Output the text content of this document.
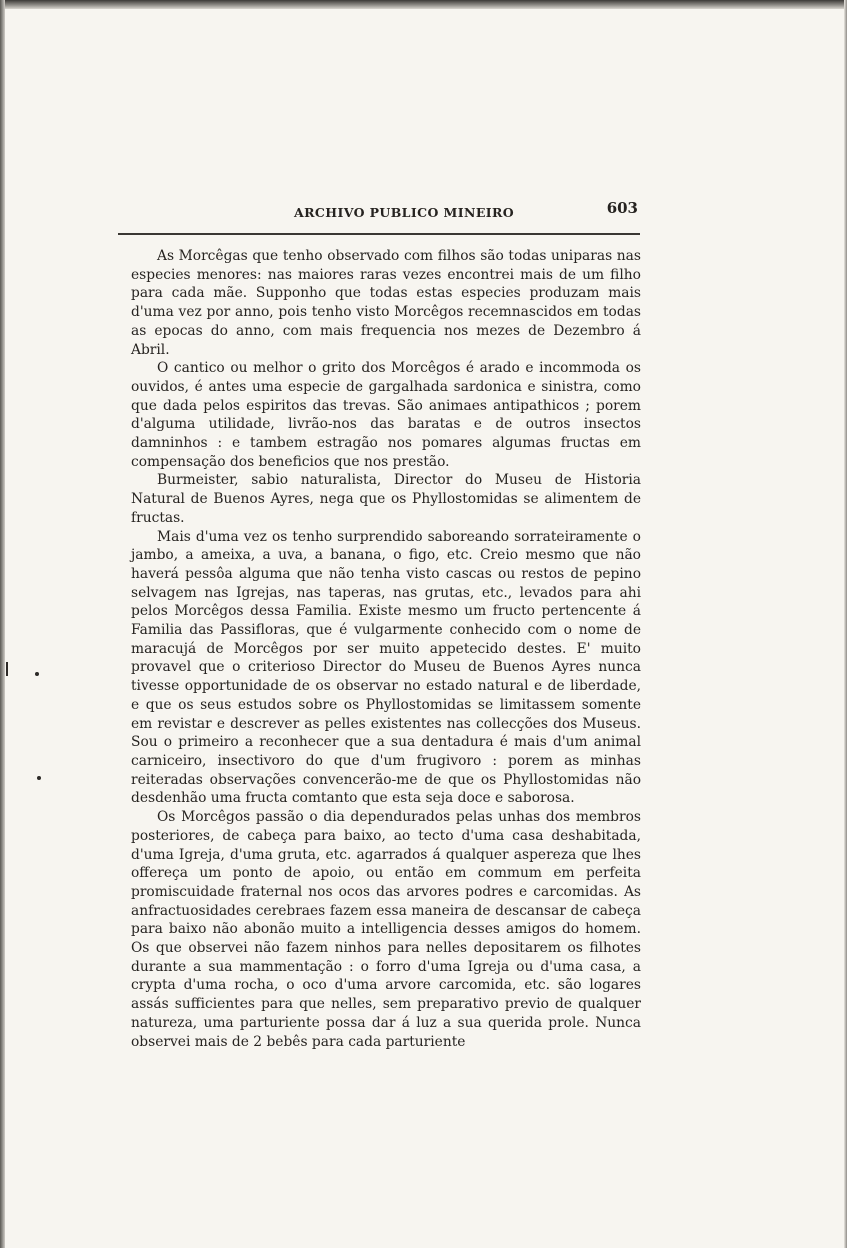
ARCHIVO PUBLICO MINEIRO	603

As Morcêgas que tenho observado com filhos são todas uniparas nas especies menores: nas maiores raras vezes encontrei mais de um filho para cada mãe. Supponho que todas estas especies produzam mais d'uma vez por anno, pois tenho visto Morcêgos recemnascidos em todas as epocas do anno, com mais frequencia nos mezes de Dezembro á Abril.

O cantico ou melhor o grito dos Morcêgos é arado e incommoda os ouvidos, é antes uma especie de gargalhada sardonica e sinistra, como que dada pelos espiritos das trevas. São animaes antipathicos ; porem d'alguma utilidade, livrão-nos das baratas e de outros insectos damninhos : e tambem estragão nos pomares algumas fructas em compensação dos beneficios que nos prestão.

Burmeister, sabio naturalista, Director do Museu de Historia Natural de Buenos Ayres, nega que os Phyllostomidas se alimentem de fructas.

Mais d'uma vez os tenho surprendido saboreando sorrateiramente o jambo, a ameixa, a uva, a banana, o figo, etc. Creio mesmo que não haverá pessôa alguma que não tenha visto cascas ou restos de pepino selvagem nas Igrejas, nas taperas, nas grutas, etc., levados para ahi pelos Morcêgos dessa Familia. Existe mesmo um fructo pertencente á Familia das Passifloras, que é vulgarmente conhecido com o nome de maracujá de Morcêgos por ser muito appetecido destes. E' muito provavel que o criterioso Director do Museu de Buenos Ayres nunca tivesse opportunidade de os observar no estado natural e de liberdade, e que os seus estudos sobre os Phyllostomidas se limitassem somente em revistar e descrever as pelles existentes nas collecções dos Museus. Sou o primeiro a reconhecer que a sua dentadura é mais d'um animal carniceiro, insectivoro do que d'um frugivoro : porem as minhas reiteradas observações convencerão-me de que os Phyllostomidas não desdenhão uma fructa comtanto que esta seja doce e saborosa.

Os Morcêgos passão o dia dependurados pelas unhas dos membros posteriores, de cabeça para baixo, ao tecto d'uma casa deshabitada, d'uma Igreja, d'uma gruta, etc. agarrados á qualquer aspereza que lhes offereça um ponto de apoio, ou então em commum em perfeita promiscuidade fraternal nos ocos das arvores podres e carcomidas. As anfractuosidades cerebraes fazem essa maneira de descansar de cabeça para baixo não abonão muito a intelligencia desses amigos do homem. Os que observei não fazem ninhos para nelles depositarem os filhotes durante a sua mammentação : o forro d'uma Igreja ou d'uma casa, a crypta d'uma rocha, o oco d'uma arvore carcomida, etc. são logares assás sufficientes para que nelles, sem preparativo previo de qualquer natureza, uma parturiente possa dar á luz a sua querida prole. Nunca observei mais de 2 bebês para cada parturiente
